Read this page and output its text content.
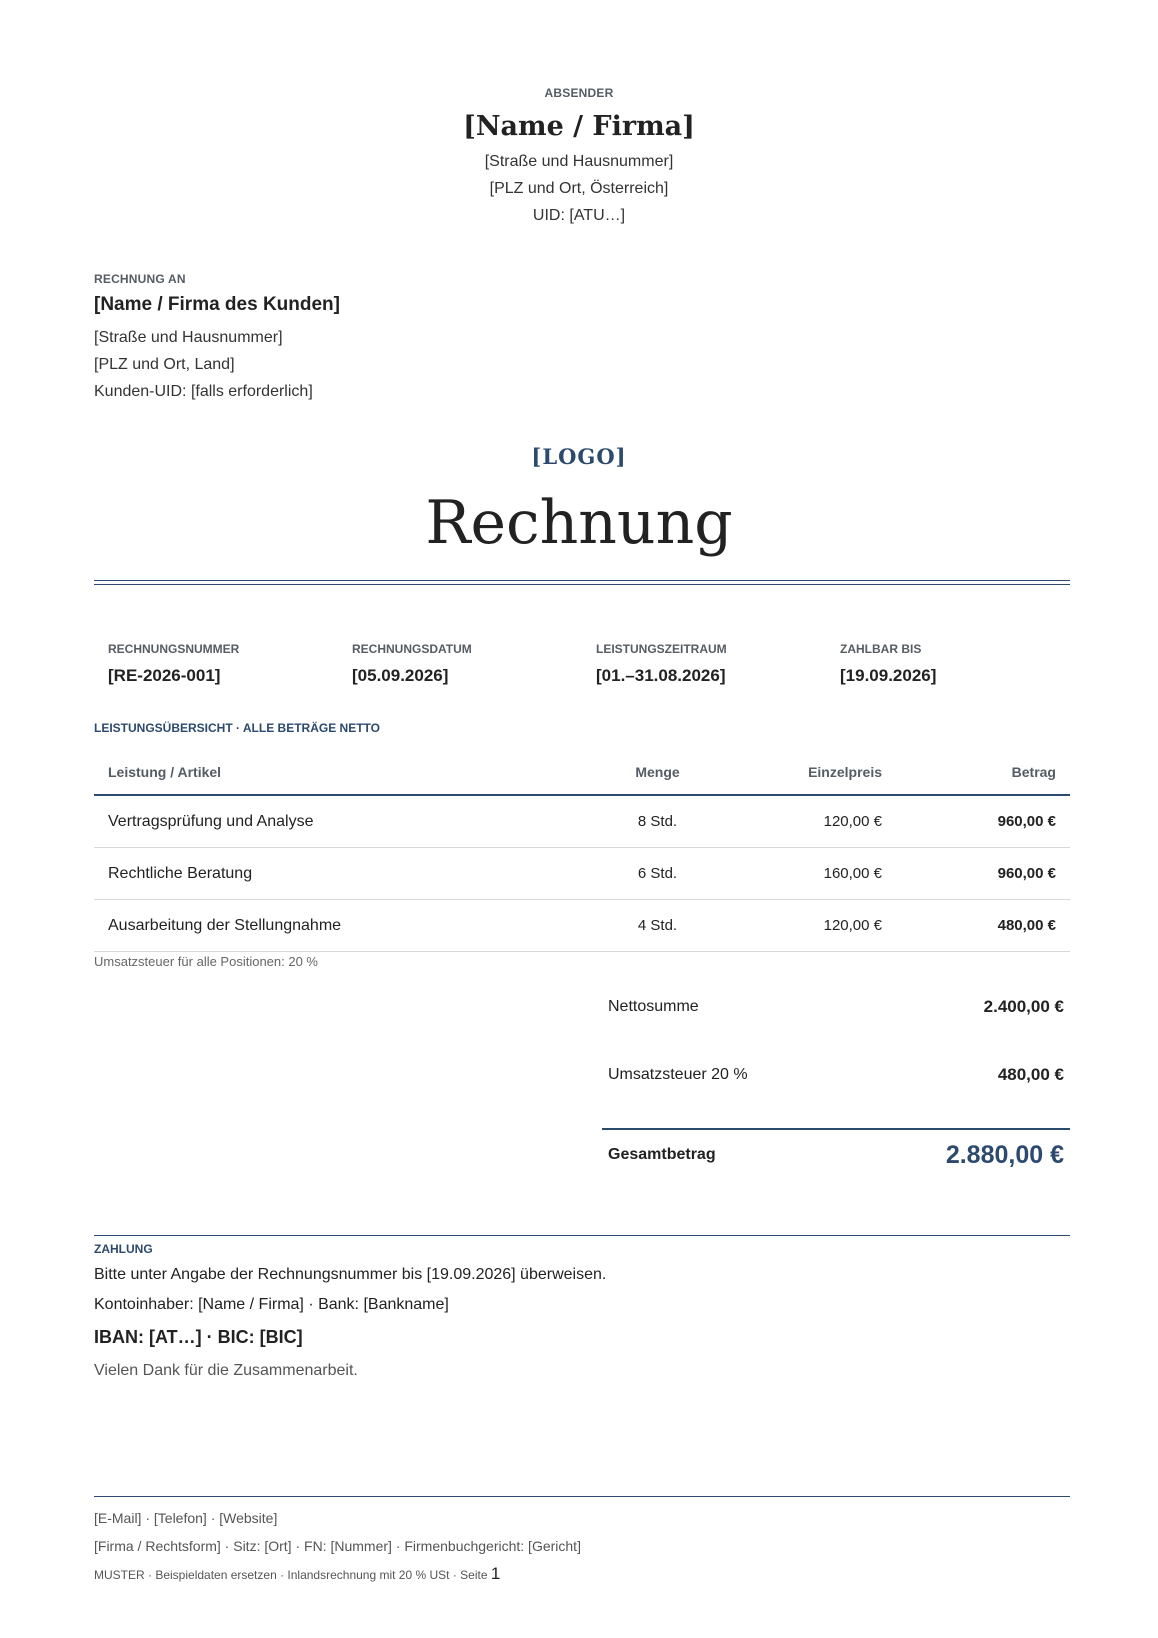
ABSENDER
[Name / Firma]
[Straße und Hausnummer]
[PLZ und Ort, Österreich]
UID: [ATU…]
RECHNUNG AN
[Name / Firma des Kunden]
[Straße und Hausnummer]
[PLZ und Ort, Land]
Kunden-UID: [falls erforderlich]
[LOGO]
Rechnung
RECHNUNGSNUMMER
[RE-2026-001]
RECHNUNGSDATUM
[05.09.2026]
LEISTUNGSZEITRAUM
[01.–31.08.2026]
ZAHLBAR BIS
[19.09.2026]
LEISTUNGSÜBERSICHT · ALLE BETRÄGE NETTO
Leistung / Artikel	Menge	Einzelpreis	Betrag
Vertragsprüfung und Analyse	8 Std.	120,00 €	960,00 €
Rechtliche Beratung	6 Std.	160,00 €	960,00 €
Ausarbeitung der Stellungnahme	4 Std.	120,00 €	480,00 €
Umsatzsteuer für alle Positionen: 20 %
Nettosumme	2.400,00 €
Umsatzsteuer 20 %	480,00 €
Gesamtbetrag	2.880,00 €
ZAHLUNG
Bitte unter Angabe der Rechnungsnummer bis [19.09.2026] überweisen.
Kontoinhaber: [Name / Firma] · Bank: [Bankname]
IBAN: [AT…] · BIC: [BIC]
Vielen Dank für die Zusammenarbeit.
[E-Mail] · [Telefon] · [Website]
[Firma / Rechtsform] · Sitz: [Ort] · FN: [Nummer] · Firmenbuchgericht: [Gericht]
MUSTER · Beispieldaten ersetzen · Inlandsrechnung mit 20 % USt · Seite 1
